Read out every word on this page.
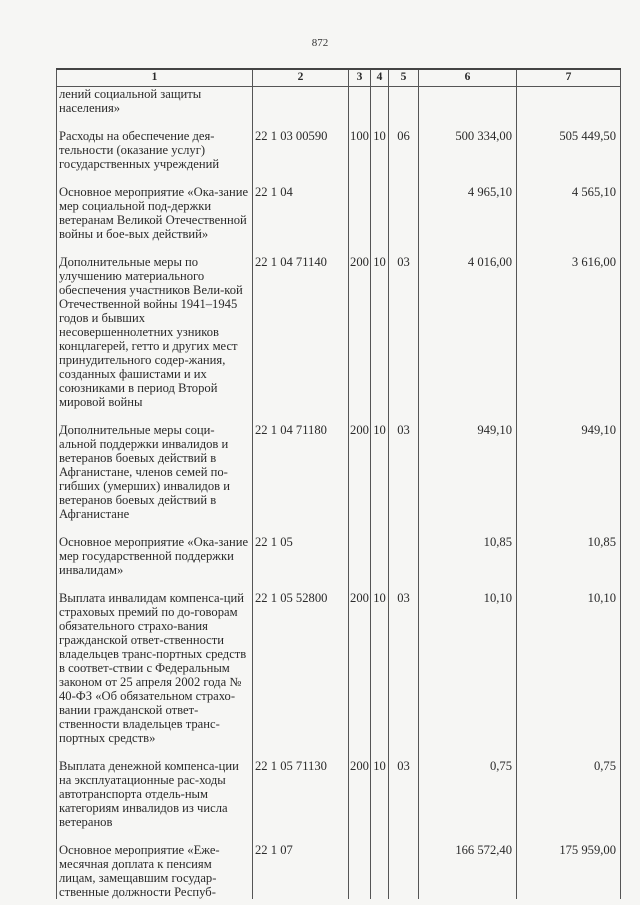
872
1	2	3	4	5	6	7
лений социальной защиты населения»						

Расходы на обеспечение дея-тельности (оказание услуг) государственных учреждений	22 1 03 00590	100	10	06	500 334,00	505 449,50

Основное мероприятие «Ока-зание мер социальной под-держки ветеранам Великой Отечественной войны и бое-вых действий»	22 1 04				4 965,10	4 565,10

Дополнительные меры по улучшению материального обеспечения участников Вели-кой Отечественной войны 1941–1945 годов и бывших несовершеннолетних узников концлагерей, гетто и других мест принудительного содер-жания, созданных фашистами и их союзниками в период Второй мировой войны	22 1 04 71140	200	10	03	4 016,00	3 616,00

Дополнительные меры соци-альной поддержки инвалидов и ветеранов боевых действий в Афганистане, членов семей по-гибших (умерших) инвалидов и ветеранов боевых действий в Афганистане	22 1 04 71180	200	10	03	949,10	949,10

Основное мероприятие «Ока-зание мер государственной поддержки инвалидам»	22 1 05				10,85	10,85

Выплата инвалидам компенса-ций страховых премий по до-говорам обязательного страхо-вания гражданской ответ-ственности владельцев транс-портных средств в соответ-ствии с Федеральным законом от 25 апреля 2002 года № 40-ФЗ «Об обязательном страхо-вании гражданской ответ-ственности владельцев транс-портных средств»	22 1 05 52800	200	10	03	10,10	10,10

Выплата денежной компенса-ции на эксплуатационные рас-ходы автотранспорта отдель-ным категориям инвалидов из числа ветеранов	22 1 05 71130	200	10	03	0,75	0,75

Основное мероприятие «Еже-месячная доплата к пенсиям лицам, замещавшим государ-ственные должности Респуб-	22 1 07				166 572,40	175 959,00
